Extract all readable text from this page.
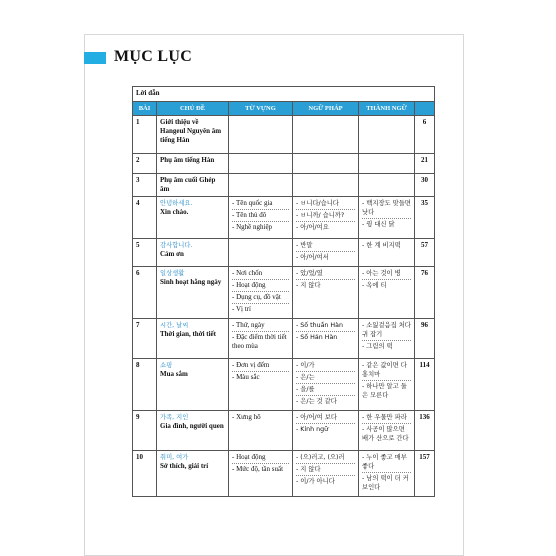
MỤC LỤC
Lời dẫn					
BÀI	CHỦ ĐỀ	TỪ VỰNG	NGỮ PHÁP	THÀNH NGỮ	
1	Giới thiệu về Hangeul Nguyên âm tiếng Hàn				6
2	Phụ âm tiếng Hàn				21
3	Phụ âm cuối Ghép âm				30
4	안녕하세요.
Xin chào.	- Tên quốc gia
- Tên thủ đô
- Nghề nghiệp	- ㅂ니다/습니다
- ㅂ니까/ 습니까?
- 아/어/여요	- 백지장도 맞들면 낫다
- 꿩 대신 닭	35
5	감사합니다.
Cảm ơn		- 반말
- 아/어/여서	- 한 계 비지떡	57
6	일상생활
Sinh hoạt hằng ngày	- Nơi chốn
- Hoạt động
- Dụng cụ, đồ vật
- Vị trí	- 았/었/였
- 지 않다	- 아는 것이 병
- 옥에 티	76
7	시간, 날씨
Thời gian, thời tiết	- Thứ, ngày
- Đặc điểm thời tiết theo mùa	- Số thuần Hàn
- Số Hán Hàn	- 소잃겉음집 처다 귀 잡기
- 그림의 떡	96
8	쇼핑
Mua sắm	- Đơn vị đếm
- Màu sắc	- 이/가
- 은/는
- 을/를
- 은/는 것 같다	- 같은 값이면 다홍치마
- 하나만 알고 둘은 모른다	114
9	가족, 지인
Gia đình, người quen	- Xưng hô	- 아/어/여 보다
- Kính ngữ	- 한 우물만 파라
- 사공이 많으면 배가 산으로 간다	136
10	취미, 여가
Sở thích, giải trí	- Hoạt động
- Mức độ, tần suất	- (으)러고, (으)러
- 지 않다
- 이/가 아니다	- 누이 좋고 매부 좋다
- 남의 떡이 더 커 보인다	157
